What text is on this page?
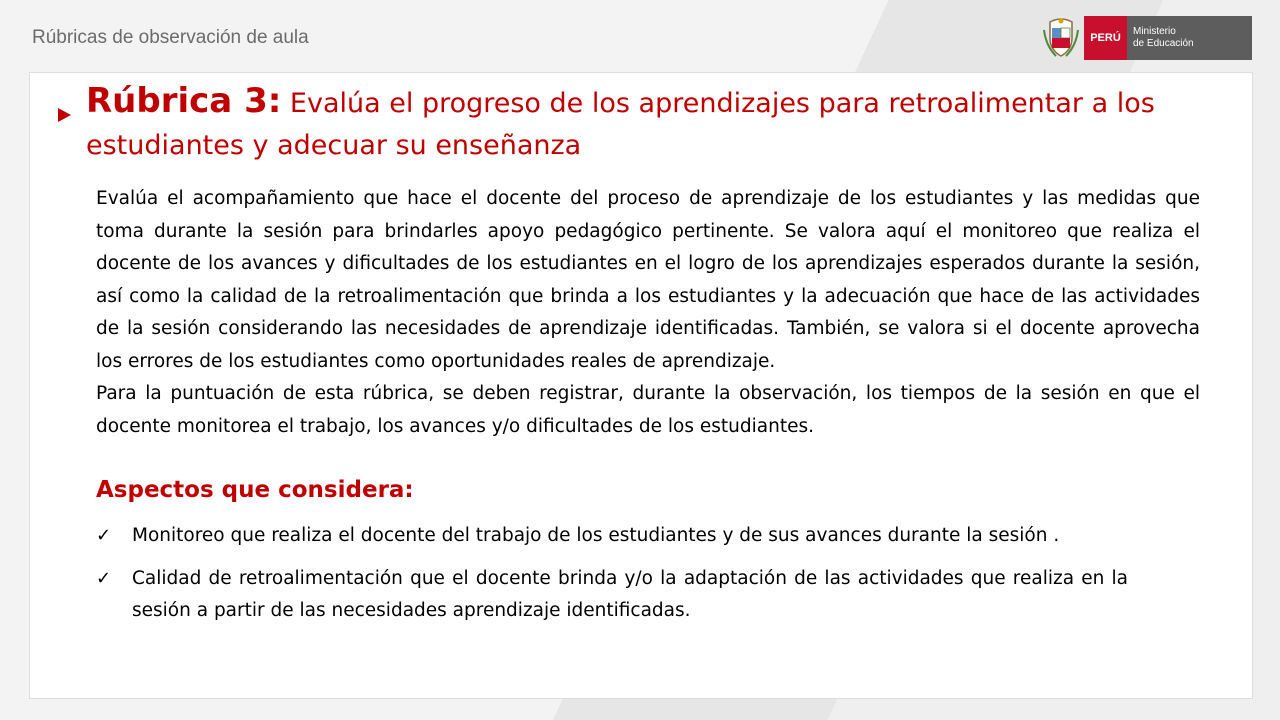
Rúbricas de observación de aula	PERÚ
Ministerio
de Educación
Rúbrica 3: Evalúa el progreso de los aprendizajes para retroalimentar a los estudiantes y adecuar su enseñanza

Evalúa el acompañamiento que hace el docente del proceso de aprendizaje de los estudiantes y las medidas que toma durante la sesión para brindarles apoyo pedagógico pertinente. Se valora aquí el monitoreo que realiza el docente de los avances y dificultades de los estudiantes en el logro de los aprendizajes esperados durante la sesión, así como la calidad de la retroalimentación que brinda a los estudiantes y la adecuación que hace de las actividades de la sesión considerando las necesidades de aprendizaje identificadas. También, se valora si el docente aprovecha los errores de los estudiantes como oportunidades reales de aprendizaje.

Para la puntuación de esta rúbrica, se deben registrar, durante la observación, los tiempos de la sesión en que el docente monitorea el trabajo, los avances y/o dificultades de los estudiantes.

Aspectos que considera:
✓	Monitoreo que realiza el docente del trabajo de los estudiantes y de sus avances durante la sesión .
✓	Calidad de retroalimentación que el docente brinda y/o la adaptación de las actividades que realiza en la sesión a partir de las necesidades aprendizaje identificadas.
